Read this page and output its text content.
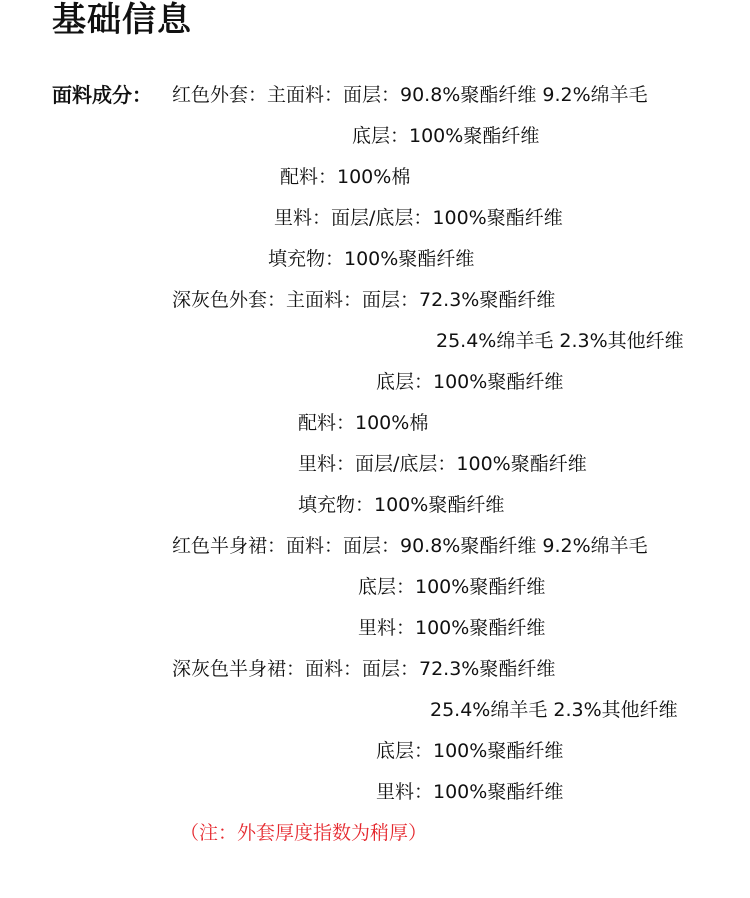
基础信息
面料成分： 红色外套：主面料：面层：90.8%聚酯纤维 9.2%绵羊毛
底层：100%聚酯纤维
配料：100%棉
里料：面层/底层：100%聚酯纤维
填充物：100%聚酯纤维
深灰色外套：主面料：面层：72.3%聚酯纤维
25.4%绵羊毛 2.3%其他纤维
底层：100%聚酯纤维
配料：100%棉
里料：面层/底层：100%聚酯纤维
填充物：100%聚酯纤维
红色半身裙：面料：面层：90.8%聚酯纤维 9.2%绵羊毛
底层：100%聚酯纤维
里料：100%聚酯纤维
深灰色半身裙：面料：面层：72.3%聚酯纤维
25.4%绵羊毛 2.3%其他纤维
底层：100%聚酯纤维
里料：100%聚酯纤维
（注：外套厚度指数为稍厚）
